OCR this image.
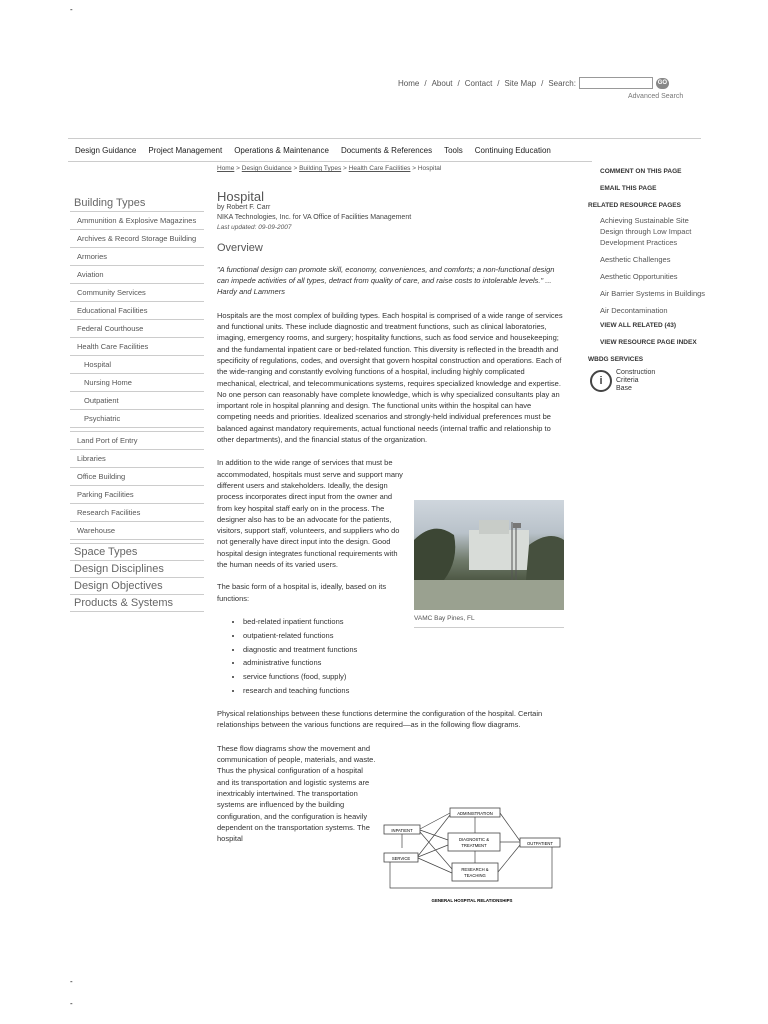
-
-
-
Home / About / Contact / Site Map / Search:	GO
Advanced Search
Design Guidance Project Management Operations & Maintenance Documents & References Tools Continuing Education
Building Types
Ammunition & Explosive Magazines
Archives & Record Storage Building
Armories
Aviation
Community Services
Educational Facilities
Federal Courthouse
Health Care Facilities
Hospital
Nursing Home
Outpatient
Psychiatric
Land Port of Entry
Libraries
Office Building
Parking Facilities
Research Facilities
Warehouse
Space Types
Design Disciplines
Design Objectives
Products & Systems
Home > Design Guidance > Building Types > Health Care Facilities > Hospital
Hospital
by Robert F. Carr
NIKA Technologies, Inc. for VA Office of Facilities Management
Last updated: 09-09-2007
Overview

"A functional design can promote skill, economy, conveniences, and comforts; a non-functional design can impede activities of all types, detract from quality of care, and raise costs to intolerable levels." ... Hardy and Lammers

Hospitals are the most complex of building types. Each hospital is comprised of a wide range of services and functional units. These include diagnostic and treatment functions, such as clinical laboratories, imaging, emergency rooms, and surgery; hospitality functions, such as food service and housekeeping; and the fundamental inpatient care or bed-related function. This diversity is reflected in the breadth and specificity of regulations, codes, and oversight that govern hospital construction and operations. Each of the wide-ranging and constantly evolving functions of a hospital, including highly complicated mechanical, electrical, and telecommunications systems, requires specialized knowledge and expertise. No one person can reasonably have complete knowledge, which is why specialized consultants play an important role in hospital planning and design. The functional units within the hospital can have competing needs and priorities. Idealized scenarios and strongly-held individual preferences must be balanced against mandatory requirements, actual functional needs (internal traffic and relationship to other departments), and the financial status of the organization.

In addition to the wide range of services that must be accommodated, hospitals must serve and support many different users and stakeholders. Ideally, the design process incorporates direct input from the owner and from key hospital staff early on in the process. The designer also has to be an advocate for the patients, visitors, support staff, volunteers, and suppliers who do not generally have direct input into the design. Good hospital design integrates functional requirements with the human needs of its varied users.

The basic form of a hospital is, ideally, based on its functions:

• bed-related inpatient functions
• outpatient-related functions
• diagnostic and treatment functions
• administrative functions
• service functions (food, supply)
• research and teaching functions

Physical relationships between these functions determine the configuration of the hospital. Certain relationships between the various functions are required—as in the following flow diagrams.

These flow diagrams show the movement and communication of people, materials, and waste. Thus the physical configuration of a hospital and its transportation and logistic systems are inextricably intertwined. The transportation systems are influenced by the building configuration, and the configuration is heavily dependent on the transportation systems. The hospital

VAMC Bay Pines, FL
ADMINISTRATION
INPATIENT
DIAGNOSTIC &
TREATMENT	OUTPATIENT
SERVICE
RESEARCH &
TEACHING
GENERAL HOSPITAL RELATIONSHIPS
COMMENT ON THIS PAGE
EMAIL THIS PAGE
RELATED RESOURCE PAGES
Achieving Sustainable Site Design through Low Impact Development Practices
Aesthetic Challenges
Aesthetic Opportunities
Air Barrier Systems in Buildings
Air Decontamination
VIEW ALL RELATED (43)
VIEW RESOURCE PAGE INDEX
WBDG SERVICES
i
Construction
Criteria
Base
